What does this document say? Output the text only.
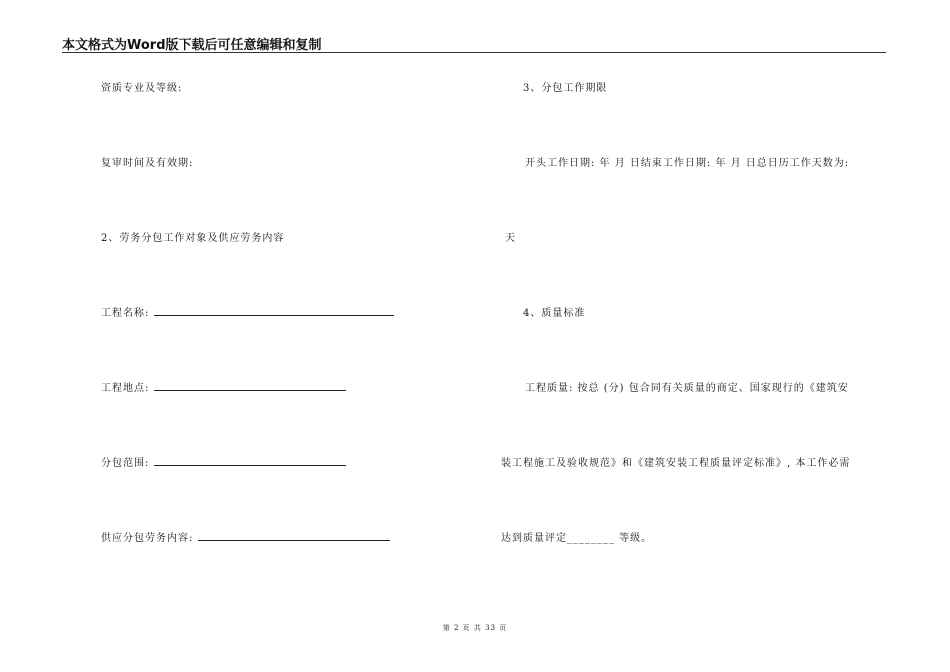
本文格式为Word版下载后可任意编辑和复制
资质专业及等级:
复审时间及有效期:
2、劳务分包工作对象及供应劳务内容
工程名称:
工程地点:
分包范围:
供应分包劳务内容:
3、分包工作期限
开头工作日期: 年 月 日结束工作日期: 年 月 日总日历工作天数为:
天
4、质量标准
工程质量: 按总 (分) 包合同有关质量的商定、国家现行的《建筑安
装工程施工及验收规范》和《建筑安装工程质量评定标准》, 本工作必需
达到质量评定________ 等级。
第 2 页 共 33 页
